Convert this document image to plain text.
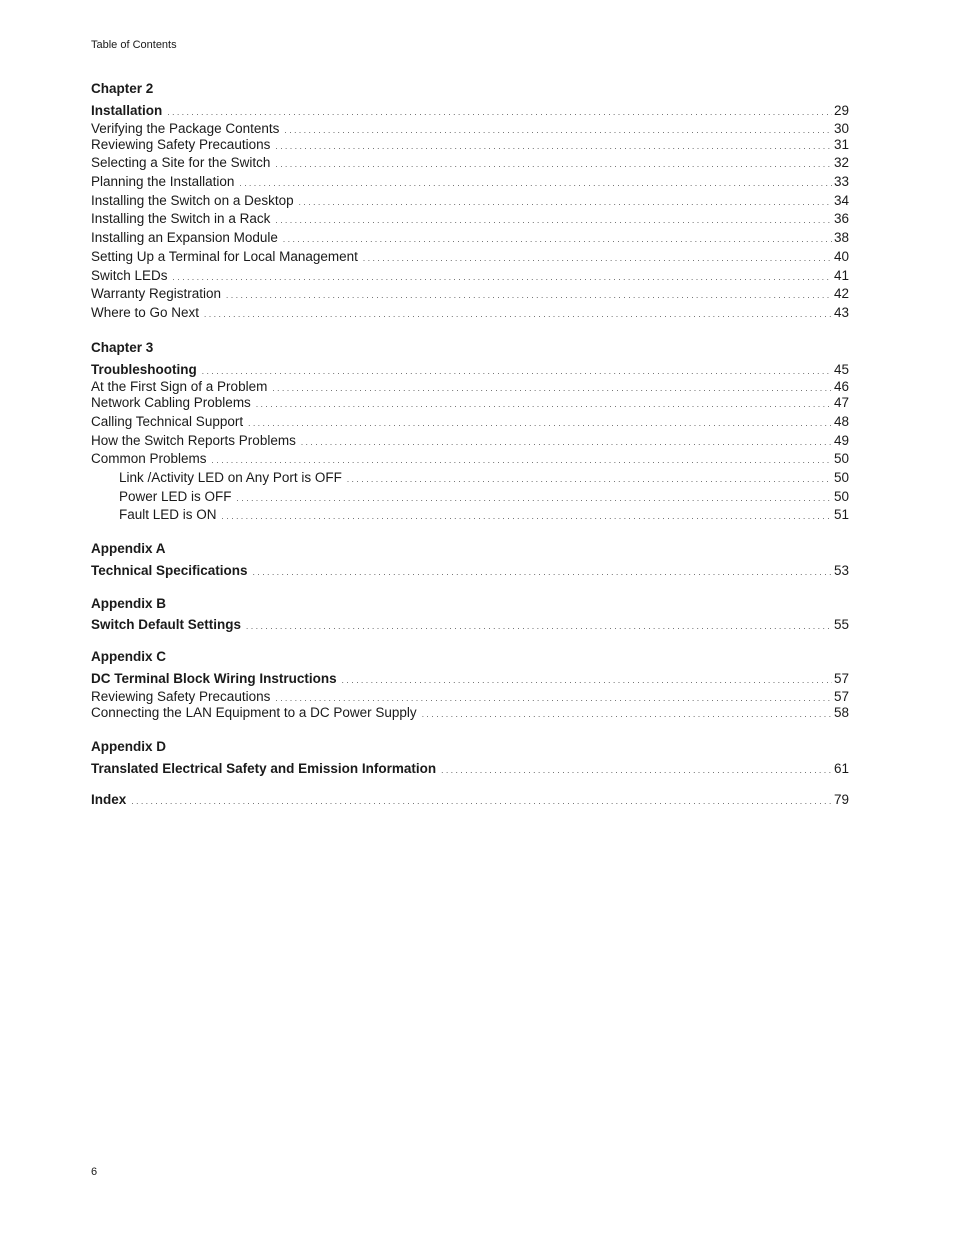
Table of Contents
Chapter 2
Installation . . .	29
Verifying the Package Contents . . .	30
Reviewing Safety Precautions . . .	31
Selecting a Site for the Switch . . .	32
Planning the Installation . . .	33
Installing the Switch on a Desktop . . .	34
Installing the Switch in a Rack . . .	36
Installing an Expansion Module . . .	38
Setting Up a Terminal for Local Management . . .	40
Switch LEDs . . .	41
Warranty Registration . . .	42
Where to Go Next . . .	43
Chapter 3
Troubleshooting . . .	45
At the First Sign of a Problem . . .	46
Network Cabling Problems . . .	47
Calling Technical Support . . .	48
How the Switch Reports Problems . . .	49
Common Problems . . .	50
Link /Activity LED on Any Port is OFF . . .	50
Power LED is OFF . . .	50
Fault LED is ON . . .	51
Appendix A
Technical Specifications . . .	53
Appendix B
Switch Default Settings . . .	55
Appendix C
DC Terminal Block Wiring Instructions . . .	57
Reviewing Safety Precautions . . .	57
Connecting the LAN Equipment to a DC Power Supply . . .	58
Appendix D
Translated Electrical Safety and Emission Information . . .	61
Index . . .	79
6
